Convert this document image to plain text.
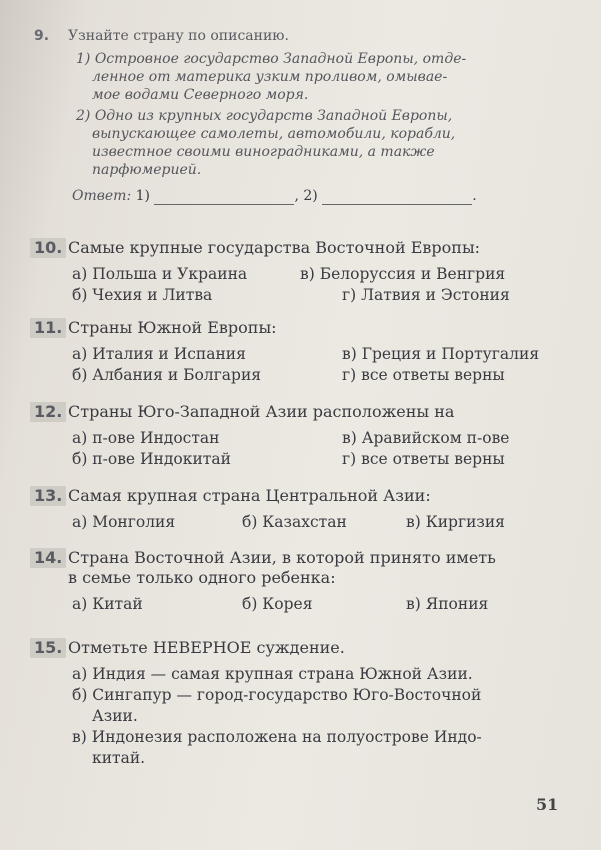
9. Узнайте страну по описанию.
1) Островное государство Западной Европы, отде-
ленное от материка узким проливом, омывае-
мое водами Северного моря.
2) Одно из крупных государств Западной Европы,
выпускающее самолеты, автомобили, корабли,
известное своими виноградниками, а также
парфюмерией.
Ответ: 1)	, 2)	.
10. Самые крупные государства Восточной Европы:
а) Польша и Украина	в) Белоруссия и Венгрия
б) Чехия и Литва	г) Латвия и Эстония
11. Страны Южной Европы:
а) Италия и Испания	в) Греция и Португалия
б) Албания и Болгария	г) все ответы верны
12. Страны Юго-Западной Азии расположены на
а) п-ове Индостан	в) Аравийском п-ове
б) п-ове Индокитай	г) все ответы верны
13. Самая крупная страна Центральной Азии:
а) Монголия	б) Казахстан	в) Киргизия
14. Страна Восточной Азии, в которой принято иметь
в семье только одного ребенка:
а) Китай	б) Корея	в) Япония
15. Отметьте НЕВЕРНОЕ суждение.
а) Индия — самая крупная страна Южной Азии.
б) Сингапур — город-государство Юго-Восточной
Азии.
в) Индонезия расположена на полуострове Индо-
китай.
51
